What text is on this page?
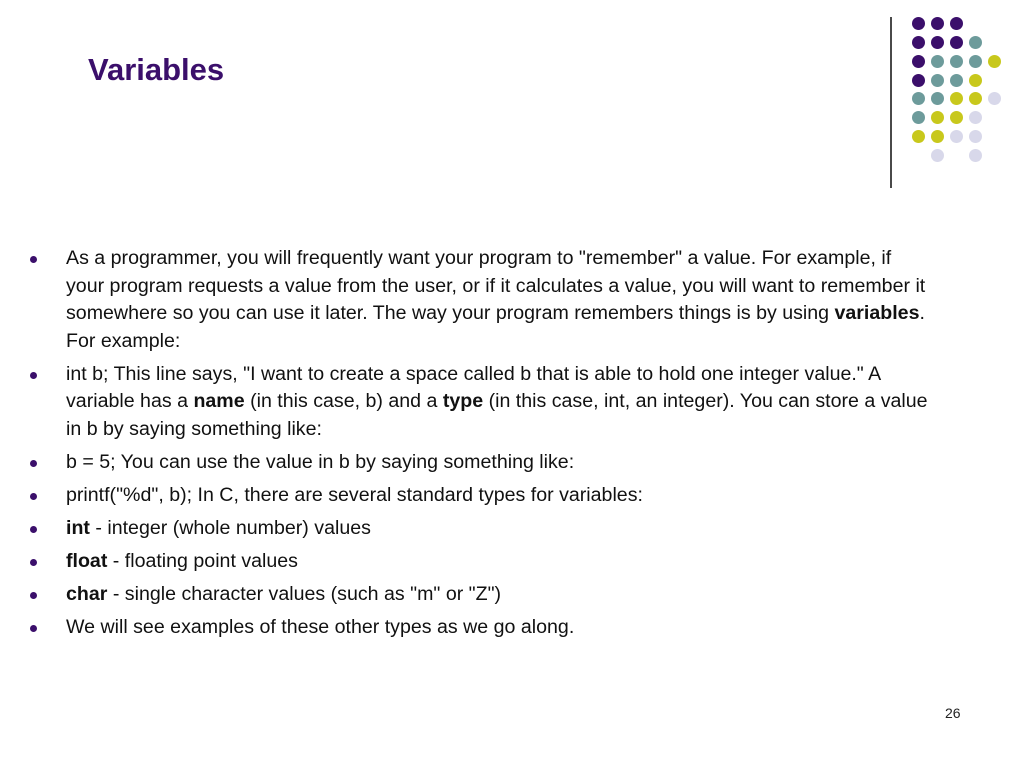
Variables
As a programmer, you will frequently want your program to "remember" a value. For example, if your program requests a value from the user, or if it calculates a value, you will want to remember it somewhere so you can use it later. The way your program remembers things is by using variables. For example:
int b; This line says, "I want to create a space called b that is able to hold one integer value." A variable has a name (in this case, b) and a type (in this case, int, an integer). You can store a value in b by saying something like:
b = 5; You can use the value in b by saying something like:
printf("%d", b); In C, there are several standard types for variables:
int - integer (whole number) values
float - floating point values
char - single character values (such as "m" or "Z")
We will see examples of these other types as we go along.
26
